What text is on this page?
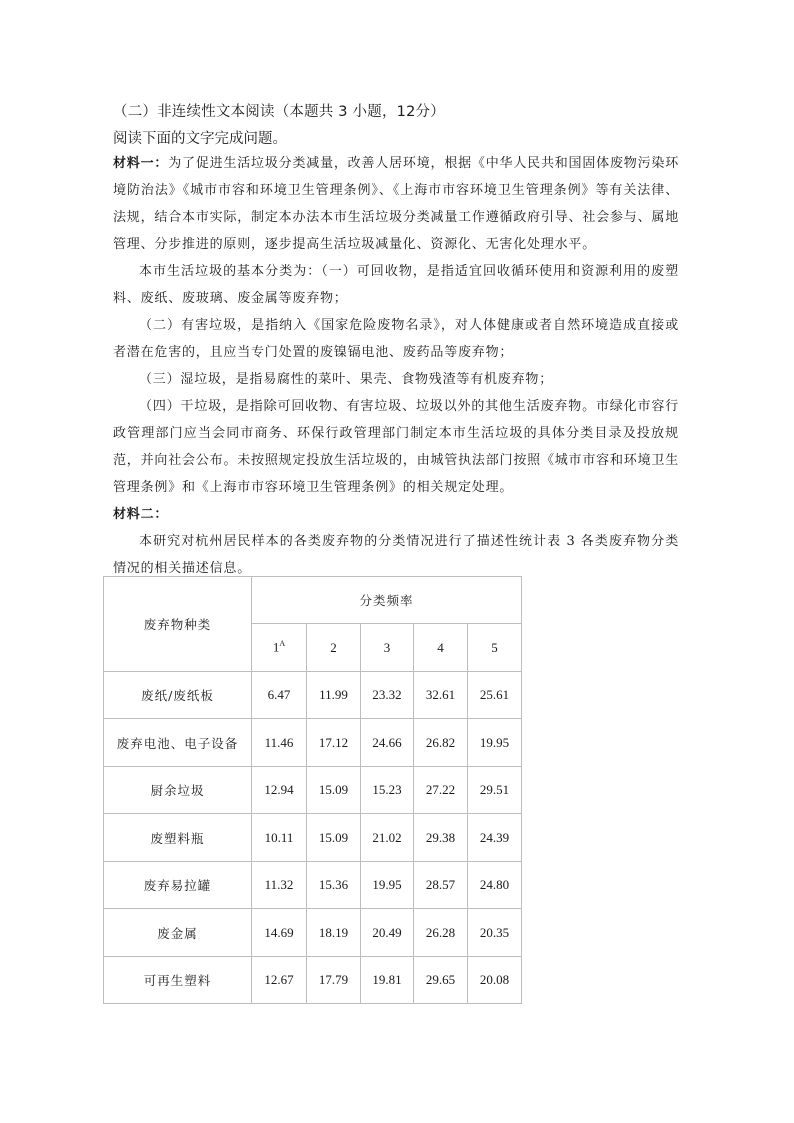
（二）非连续性文本阅读（本题共 3 小题，12分）
阅读下面的文字完成问题。

材料一：为了促进生活垃圾分类减量，改善人居环境，根据《中华人民共和国固体废物污染环境防治法》《城市市容和环境卫生管理条例》、《上海市市容环境卫生管理条例》等有关法律、法规，结合本市实际，制定本办法本市生活垃圾分类减量工作遵循政府引导、社会参与、属地管理、分步推进的原则，逐步提高生活垃圾减量化、资源化、无害化处理水平。

本市生活垃圾的基本分类为：（一）可回收物，是指适宜回收循环使用和资源利用的废塑料、废纸、废玻璃、废金属等废弃物；

（二）有害垃圾，是指纳入《国家危险废物名录》，对人体健康或者自然环境造成直接或者潜在危害的，且应当专门处置的废镍镉电池、废药品等废弃物；

（三）湿垃圾，是指易腐性的菜叶、果壳、食物残渣等有机废弃物；

（四）干垃圾，是指除可回收物、有害垃圾、垃圾以外的其他生活废弃物。市绿化市容行政管理部门应当会同市商务、环保行政管理部门制定本市生活垃圾的具体分类目录及投放规范，并向社会公布。未按照规定投放生活垃圾的，由城管执法部门按照《城市市容和环境卫生管理条例》和《上海市市容环境卫生管理条例》的相关规定处理。

材料二：

本研究对杭州居民样本的各类废弃物的分类情况进行了描述性统计表 3 各类废弃物分类情况的相关描述信息。

废弃物种类	分类频率				
	$1^A$	2	3	4	5
废纸/废纸板	6.47	11.99	23.32	32.61	25.61
废弃电池、电子设备	11.46	17.12	24.66	26.82	19.95
厨余垃圾	12.94	15.09	15.23	27.22	29.51
废塑料瓶	10.11	15.09	21.02	29.38	24.39
废弃易拉罐	11.32	15.36	19.95	28.57	24.80
废金属	14.69	18.19	20.49	26.28	20.35
可再生塑料	12.67	17.79	19.81	29.65	20.08
